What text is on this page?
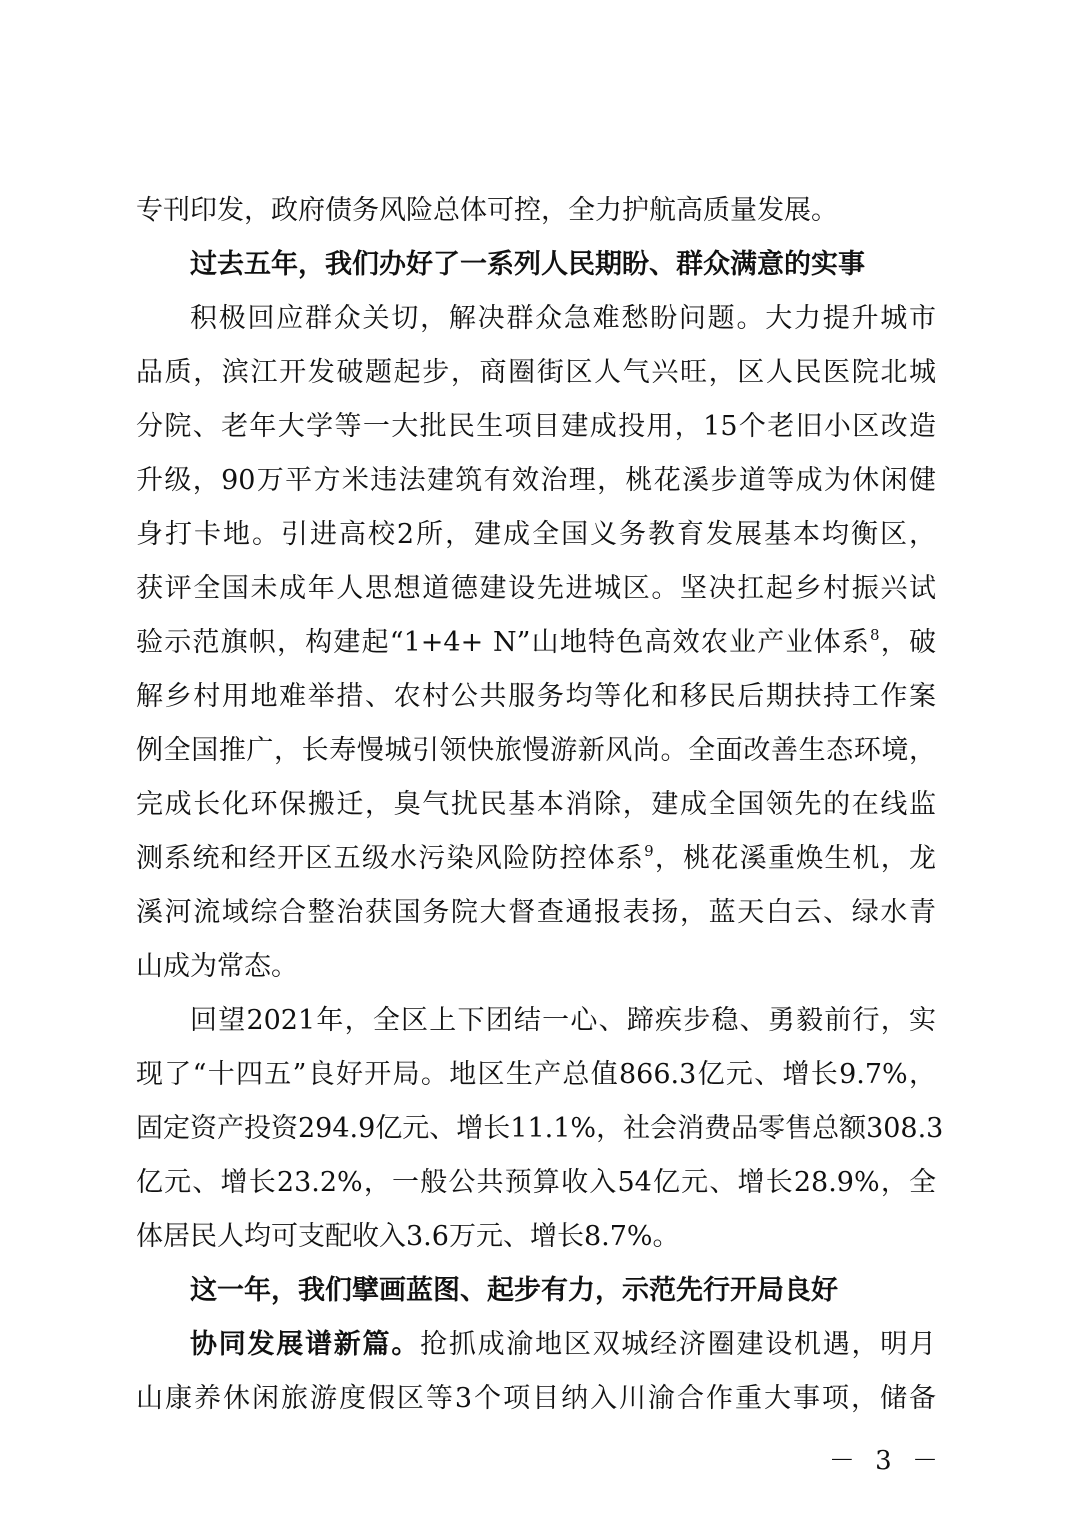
专刊印发，政府债务风险总体可控，全力护航高质量发展。
过去五年，我们办好了一系列人民期盼、群众满意的实事
积极回应群众关切，解决群众急难愁盼问题。大力提升城市
品质，滨江开发破题起步，商圈街区人气兴旺，区人民医院北城
分院、老年大学等一大批民生项目建成投用，15个老旧小区改造
升级，90万平方米违法建筑有效治理，桃花溪步道等成为休闲健
身打卡地。引进高校2所，建成全国义务教育发展基本均衡区，
获评全国未成年人思想道德建设先进城区。坚决扛起乡村振兴试
验示范旗帜，构建起“1+4+ N”山地特色高效农业产业体系$^8$，破
解乡村用地难举措、农村公共服务均等化和移民后期扶持工作案
例全国推广，长寿慢城引领快旅慢游新风尚。全面改善生态环境，
完成长化环保搬迁，臭气扰民基本消除，建成全国领先的在线监
测系统和经开区五级水污染风险防控体系$^9$，桃花溪重焕生机，龙
溪河流域综合整治获国务院大督查通报表扬，蓝天白云、绿水青
山成为常态。
回望2021年，全区上下团结一心、蹄疾步稳、勇毅前行，实
现了“十四五”良好开局。地区生产总值866.3亿元、增长9.7%，
固定资产投资294.9亿元、增长11.1%，社会消费品零售总额308.3
亿元、增长23.2%，一般公共预算收入54亿元、增长28.9%，全
体居民人均可支配收入3.6万元、增长8.7%。
这一年，我们擘画蓝图、起步有力，示范先行开局良好
协同发展谱新篇。抢抓成渝地区双城经济圈建设机遇，明月
山康养休闲旅游度假区等3个项目纳入川渝合作重大事项，储备
－ 3 －
